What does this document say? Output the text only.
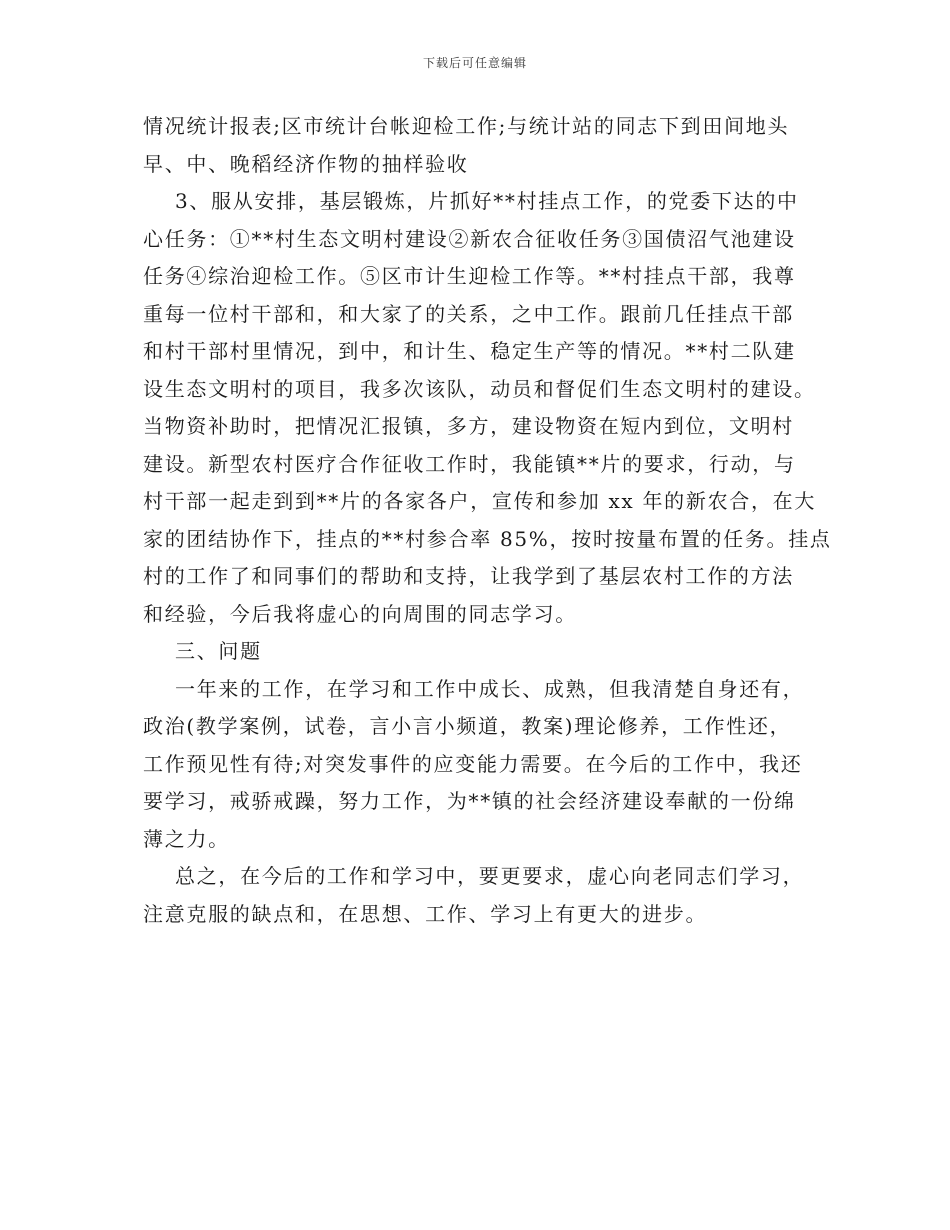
下载后可任意编辑
情况统计报表;区市统计台帐迎检工作;与统计站的同志下到田间地头
早、中、晚稻经济作物的抽样验收
3、服从安排，基层锻炼，片抓好**村挂点工作，的党委下达的中
心任务：①**村生态文明村建设②新农合征收任务③国债沼气池建设
任务④综治迎检工作。⑤区市计生迎检工作等。**村挂点干部，我尊
重每一位村干部和，和大家了的关系，之中工作。跟前几任挂点干部
和村干部村里情况，到中，和计生、稳定生产等的情况。**村二队建
设生态文明村的项目，我多次该队，动员和督促们生态文明村的建设。
当物资补助时，把情况汇报镇，多方，建设物资在短内到位，文明村
建设。新型农村医疗合作征收工作时，我能镇**片的要求，行动，与
村干部一起走到到**片的各家各户，宣传和参加 xx 年的新农合，在大
家的团结协作下，挂点的**村参合率 85%，按时按量布置的任务。挂点
村的工作了和同事们的帮助和支持，让我学到了基层农村工作的方法
和经验，今后我将虚心的向周围的同志学习。
三、问题
一年来的工作，在学习和工作中成长、成熟，但我清楚自身还有，
政治(教学案例，试卷，言小言小频道，教案)理论修养，工作性还，
工作预见性有待;对突发事件的应变能力需要。在今后的工作中，我还
要学习，戒骄戒躁，努力工作，为**镇的社会经济建设奉献的一份绵
薄之力。
总之，在今后的工作和学习中，要更要求，虚心向老同志们学习，
注意克服的缺点和，在思想、工作、学习上有更大的进步。
